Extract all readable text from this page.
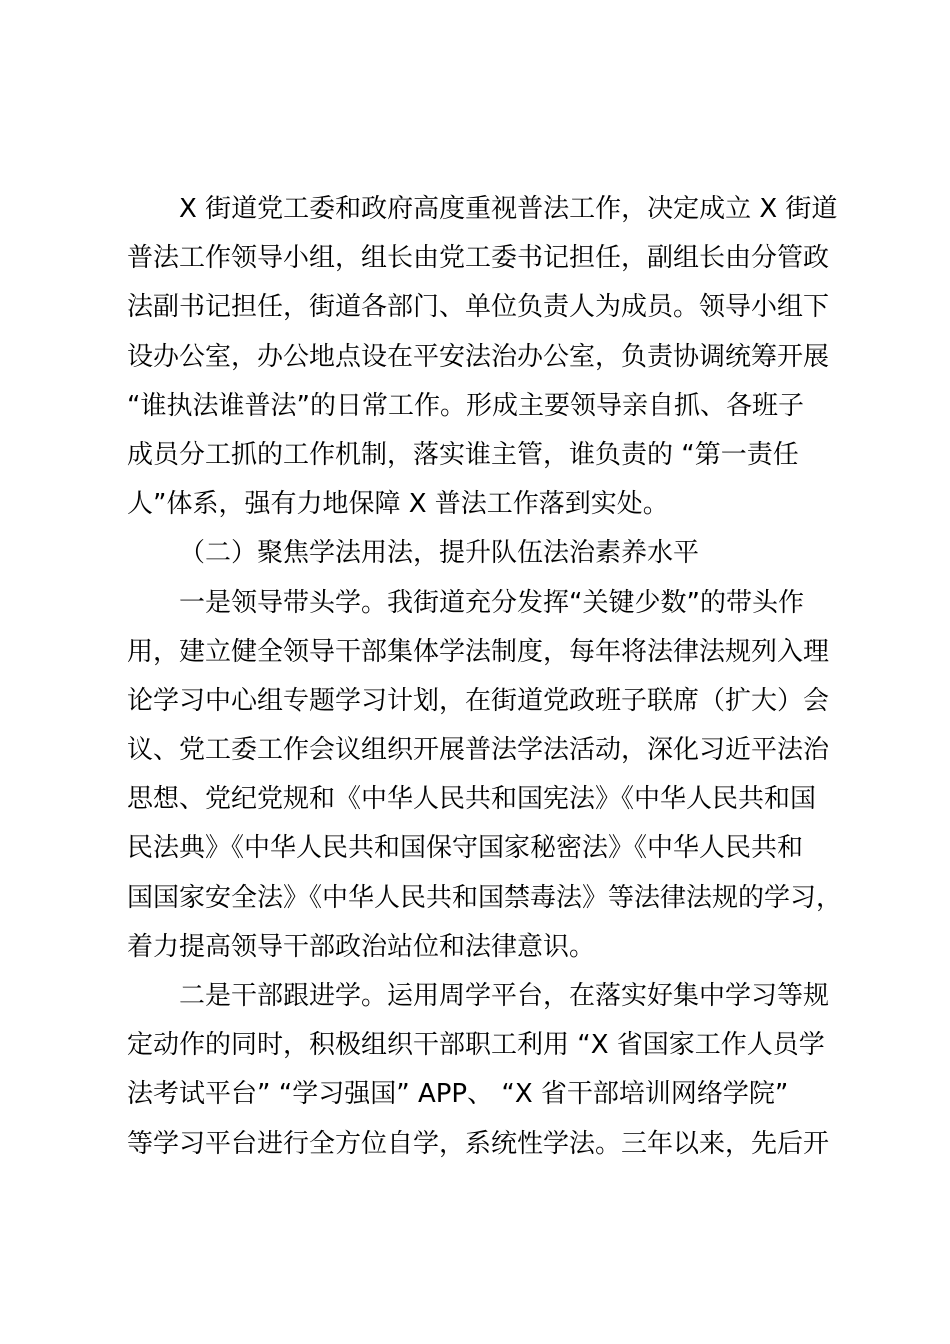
X 街道党工委和政府高度重视普法工作，决定成立 X 街道
普法工作领导小组，组长由党工委书记担任，副组长由分管政
法副书记担任，街道各部门、单位负责人为成员。领导小组下
设办公室，办公地点设在平安法治办公室，负责协调统筹开展
“谁执法谁普法”的日常工作。形成主要领导亲自抓、各班子
成员分工抓的工作机制，落实谁主管，谁负责的 “第一责任
人”体系，强有力地保障 X 普法工作落到实处。
（二）聚焦学法用法，提升队伍法治素养水平
一是领导带头学。我街道充分发挥“关键少数”的带头作
用，建立健全领导干部集体学法制度，每年将法律法规列入理
论学习中心组专题学习计划，在街道党政班子联席（扩大）会
议、党工委工作会议组织开展普法学法活动，深化习近平法治
思想、党纪党规和《中华人民共和国宪法》《中华人民共和国
民法典》《中华人民共和国保守国家秘密法》《中华人民共和
国国家安全法》《中华人民共和国禁毒法》等法律法规的学习，
着力提高领导干部政治站位和法律意识。
二是干部跟进学。运用周学平台，在落实好集中学习等规
定动作的同时，积极组织干部职工利用 “X 省国家工作人员学
法考试平台” “学习强国” APP、 “X 省干部培训网络学院”
等学习平台进行全方位自学，系统性学法。三年以来，先后开
